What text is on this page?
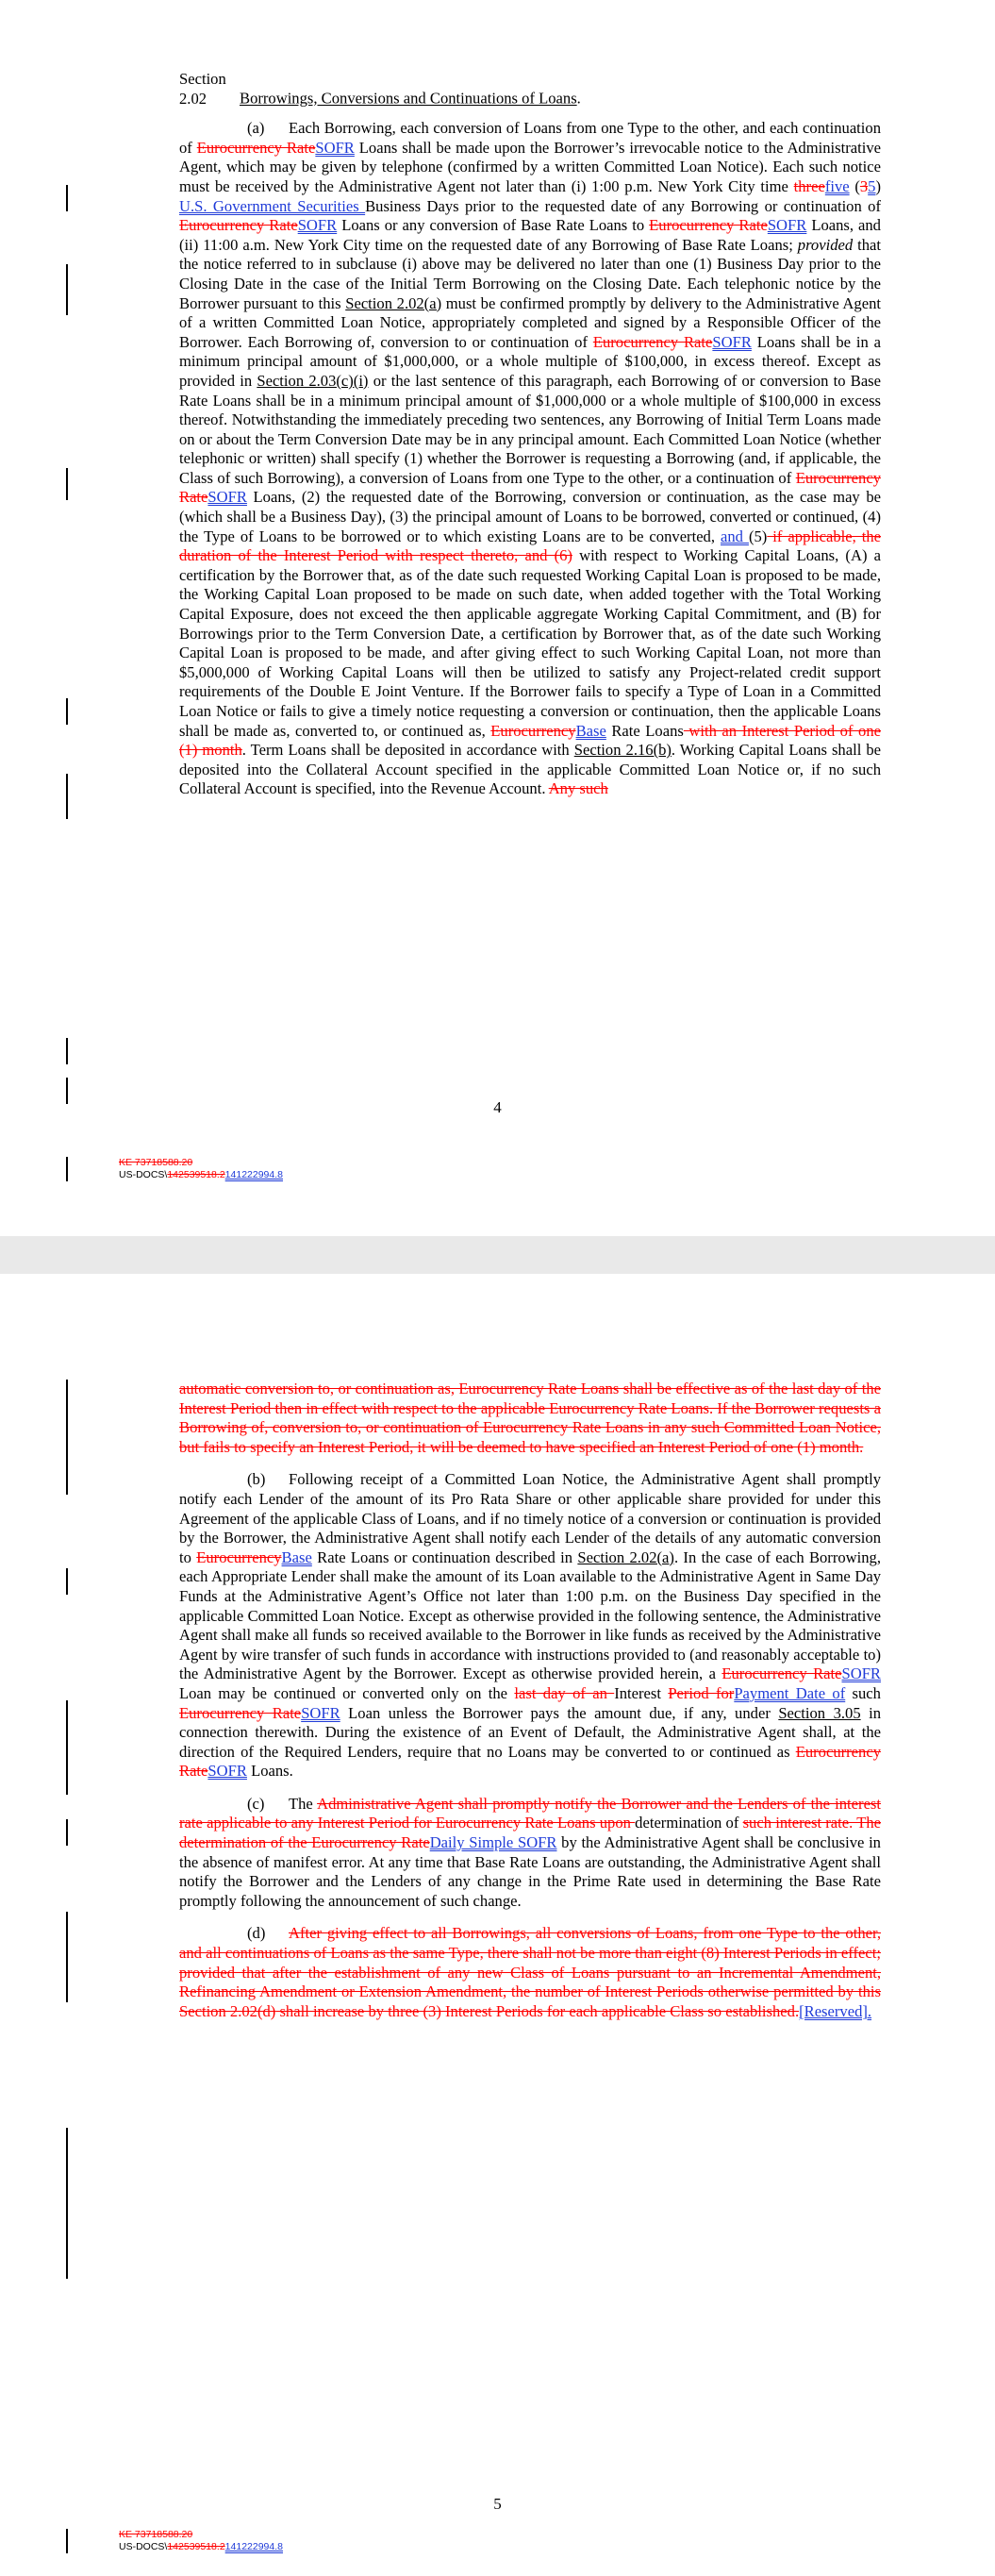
Section 2.02 Borrowings, Conversions and Continuations of Loans.

(a) Each Borrowing, each conversion of Loans from one Type to the other, and each continuation of Eurocurrency RateSOFR Loans shall be made upon the Borrower’s irrevocable notice to the Administrative Agent, which may be given by telephone (confirmed by a written Committed Loan Notice). Each such notice must be received by the Administrative Agent not later than (i) 1:00 p.m. New York City time threefive (35) U.S. Government Securities Business Days prior to the requested date of any Borrowing or continuation of Eurocurrency RateSOFR Loans or any conversion of Base Rate Loans to Eurocurrency RateSOFR Loans, and (ii) 11:00 a.m. New York City time on the requested date of any Borrowing of Base Rate Loans; provided that the notice referred to in subclause (i) above may be delivered no later than one (1) Business Day prior to the Closing Date in the case of the Initial Term Borrowing on the Closing Date. Each telephonic notice by the Borrower pursuant to this Section 2.02(a) must be confirmed promptly by delivery to the Administrative Agent of a written Committed Loan Notice, appropriately completed and signed by a Responsible Officer of the Borrower. Each Borrowing of, conversion to or continuation of Eurocurrency RateSOFR Loans shall be in a minimum principal amount of $1,000,000, or a whole multiple of $100,000, in excess thereof. Except as provided in Section 2.03(c)(i) or the last sentence of this paragraph, each Borrowing of or conversion to Base Rate Loans shall be in a minimum principal amount of $1,000,000 or a whole multiple of $100,000 in excess thereof. Notwithstanding the immediately preceding two sentences, any Borrowing of Initial Term Loans made on or about the Term Conversion Date may be in any principal amount. Each Committed Loan Notice (whether telephonic or written) shall specify (1) whether the Borrower is requesting a Borrowing (and, if applicable, the Class of such Borrowing), a conversion of Loans from one Type to the other, or a continuation of Eurocurrency RateSOFR Loans, (2) the requested date of the Borrowing, conversion or continuation, as the case may be (which shall be a Business Day), (3) the principal amount of Loans to be borrowed, converted or continued, (4) the Type of Loans to be borrowed or to which existing Loans are to be converted, and (5) if applicable, the duration of the Interest Period with respect thereto, and (6) with respect to Working Capital Loans, (A) a certification by the Borrower that, as of the date such requested Working Capital Loan is proposed to be made, the Working Capital Loan proposed to be made on such date, when added together with the Total Working Capital Exposure, does not exceed the then applicable aggregate Working Capital Commitment, and (B) for Borrowings prior to the Term Conversion Date, a certification by Borrower that, as of the date such Working Capital Loan is proposed to be made, and after giving effect to such Working Capital Loan, not more than $5,000,000 of Working Capital Loans will then be utilized to satisfy any Project-related credit support requirements of the Double E Joint Venture. If the Borrower fails to specify a Type of Loan in a Committed Loan Notice or fails to give a timely notice requesting a conversion or continuation, then the applicable Loans shall be made as, converted to, or continued as, EurocurrencyBase Rate Loans with an Interest Period of one (1) month. Term Loans shall be deposited in accordance with Section 2.16(b). Working Capital Loans shall be deposited into the Collateral Account specified in the applicable Committed Loan Notice or, if no such Collateral Account is specified, into the Revenue Account. Any such

4
KE 73718588.20
US-DOCS\142539518.2141222994.8

automatic conversion to, or continuation as, Eurocurrency Rate Loans shall be effective as of the last day of the Interest Period then in effect with respect to the applicable Eurocurrency Rate Loans. If the Borrower requests a Borrowing of, conversion to, or continuation of Eurocurrency Rate Loans in any such Committed Loan Notice, but fails to specify an Interest Period, it will be deemed to have specified an Interest Period of one (1) month.

(b) Following receipt of a Committed Loan Notice, the Administrative Agent shall promptly notify each Lender of the amount of its Pro Rata Share or other applicable share provided for under this Agreement of the applicable Class of Loans, and if no timely notice of a conversion or continuation is provided by the Borrower, the Administrative Agent shall notify each Lender of the details of any automatic conversion to EurocurrencyBase Rate Loans or continuation described in Section 2.02(a). In the case of each Borrowing, each Appropriate Lender shall make the amount of its Loan available to the Administrative Agent in Same Day Funds at the Administrative Agent’s Office not later than 1:00 p.m. on the Business Day specified in the applicable Committed Loan Notice. Except as otherwise provided in the following sentence, the Administrative Agent shall make all funds so received available to the Borrower in like funds as received by the Administrative Agent by wire transfer of such funds in accordance with instructions provided to (and reasonably acceptable to) the Administrative Agent by the Borrower. Except as otherwise provided herein, a Eurocurrency RateSOFR Loan may be continued or converted only on the last day of an Interest Period forPayment Date of such Eurocurrency RateSOFR Loan unless the Borrower pays the amount due, if any, under Section 3.05 in connection therewith. During the existence of an Event of Default, the Administrative Agent shall, at the direction of the Required Lenders, require that no Loans may be converted to or continued as Eurocurrency RateSOFR Loans.

(c) The Administrative Agent shall promptly notify the Borrower and the Lenders of the interest rate applicable to any Interest Period for Eurocurrency Rate Loans upon determination of such interest rate. The determination of the Eurocurrency RateDaily Simple SOFR by the Administrative Agent shall be conclusive in the absence of manifest error. At any time that Base Rate Loans are outstanding, the Administrative Agent shall notify the Borrower and the Lenders of any change in the Prime Rate used in determining the Base Rate promptly following the announcement of such change.

(d) After giving effect to all Borrowings, all conversions of Loans, from one Type to the other, and all continuations of Loans as the same Type, there shall not be more than eight (8) Interest Periods in effect; provided that after the establishment of any new Class of Loans pursuant to an Incremental Amendment, Refinancing Amendment or Extension Amendment, the number of Interest Periods otherwise permitted by this Section 2.02(d) shall increase by three (3) Interest Periods for each applicable Class so established.[Reserved].

5
KE 73718588.20
US-DOCS\142539518.2141222994.8
